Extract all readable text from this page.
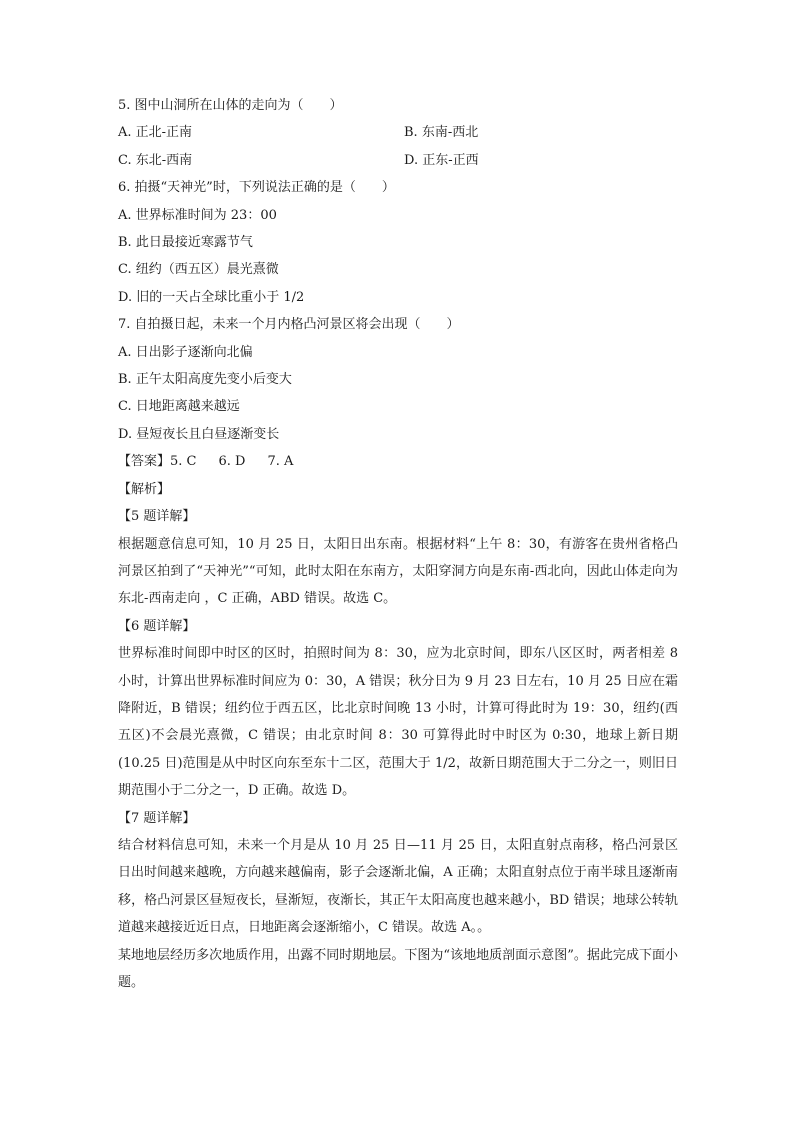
5. 图中山洞所在山体的走向为（　　）
A. 正北-正南	B. 东南-西北
C. 东北-西南	D. 正东-正西
6. 拍摄“天神光”时，下列说法正确的是（　　）
A. 世界标准时间为 23：00
B. 此日最接近寒露节气
C. 纽约（西五区）晨光熹微
D. 旧的一天占全球比重小于 1/2
7. 自拍摄日起，未来一个月内格凸河景区将会出现（　　）
A. 日出影子逐渐向北偏
B. 正午太阳高度先变小后变大
C. 日地距离越来越远
D. 昼短夜长且白昼逐渐变长
【答案】5. C 6. D 7. A
【解析】
【5 题详解】
根据题意信息可知，10 月 25 日，太阳日出东南。根据材料“上午 8：30，有游客在贵州省格凸河景区拍到了“天神光”“可知，此时太阳在东南方，太阳穿洞方向是东南-西北向，因此山体走向为东北-西南走向 ，C 正确，ABD 错误。故选 C。
【6 题详解】
世界标准时间即中时区的区时，拍照时间为 8：30，应为北京时间，即东八区区时，两者相差 8 小时，计算出世界标准时间应为 0：30，A 错误；秋分日为 9 月 23 日左右，10 月 25 日应在霜降附近，B 错误；纽约位于西五区，比北京时间晚 13 小时，计算可得此时为 19：30，纽约(西五区)不会晨光熹微，C 错误；由北京时间 8：30 可算得此时中时区为 0:30，地球上新日期(10.25 日)范围是从中时区向东至东十二区，范围大于 1/2，故新日期范围大于二分之一，则旧日期范围小于二分之一，D 正确。故选 D。
【7 题详解】
结合材料信息可知，未来一个月是从 10 月 25 日—11 月 25 日，太阳直射点南移，格凸河景区日出时间越来越晚，方向越来越偏南，影子会逐渐北偏，A 正确；太阳直射点位于南半球且逐渐南移，格凸河景区昼短夜长，昼渐短，夜渐长，其正午太阳高度也越来越小，BD 错误；地球公转轨道越来越接近近日点，日地距离会逐渐缩小，C 错误。故选 A。。
某地地层经历多次地质作用，出露不同时期地层。下图为“该地地质剖面示意图”。据此完成下面小题。
